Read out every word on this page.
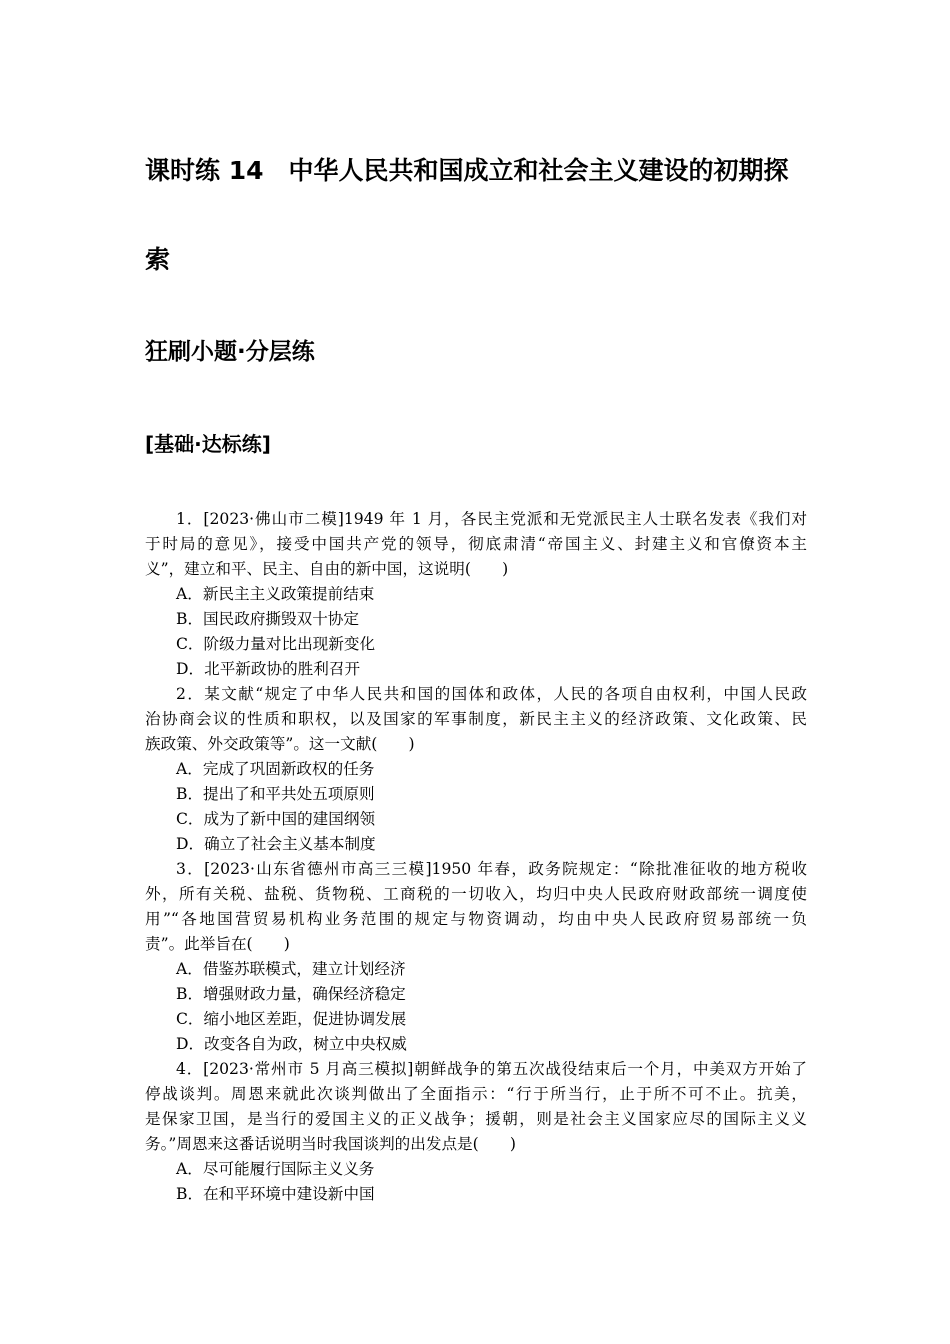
课时练 14　中华人民共和国成立和社会主义建设的初期探
索
狂刷小题·分层练
[基础·达标练]
1．[2023·佛山市二模]1949 年 1 月，各民主党派和无党派民主人士联名发表《我们对
于时局的意见》，接受中国共产党的领导，彻底肃清“帝国主义、封建主义和官僚资本主
义”，建立和平、民主、自由的新中国，这说明(　　)
A．新民主主义政策提前结束
B．国民政府撕毁双十协定
C．阶级力量对比出现新变化
D．北平新政协的胜利召开
2．某文献“规定了中华人民共和国的国体和政体，人民的各项自由权利，中国人民政
治协商会议的性质和职权，以及国家的军事制度，新民主主义的经济政策、文化政策、民
族政策、外交政策等”。这一文献(　　)
A．完成了巩固新政权的任务
B．提出了和平共处五项原则
C．成为了新中国的建国纲领
D．确立了社会主义基本制度
3．[2023·山东省德州市高三三模]1950 年春，政务院规定：“除批准征收的地方税收
外，所有关税、盐税、货物税、工商税的一切收入，均归中央人民政府财政部统一调度使
用”“各地国营贸易机构业务范围的规定与物资调动，均由中央人民政府贸易部统一负
责”。此举旨在(　　)
A．借鉴苏联模式，建立计划经济
B．增强财政力量，确保经济稳定
C．缩小地区差距，促进协调发展
D．改变各自为政，树立中央权威
4．[2023·常州市 5 月高三模拟]朝鲜战争的第五次战役结束后一个月，中美双方开始了
停战谈判。周恩来就此次谈判做出了全面指示：“行于所当行，止于所不可不止。抗美，
是保家卫国，是当行的爱国主义的正义战争；援朝，则是社会主义国家应尽的国际主义义
务。”周恩来这番话说明当时我国谈判的出发点是(　　)
A．尽可能履行国际主义义务
B．在和平环境中建设新中国
